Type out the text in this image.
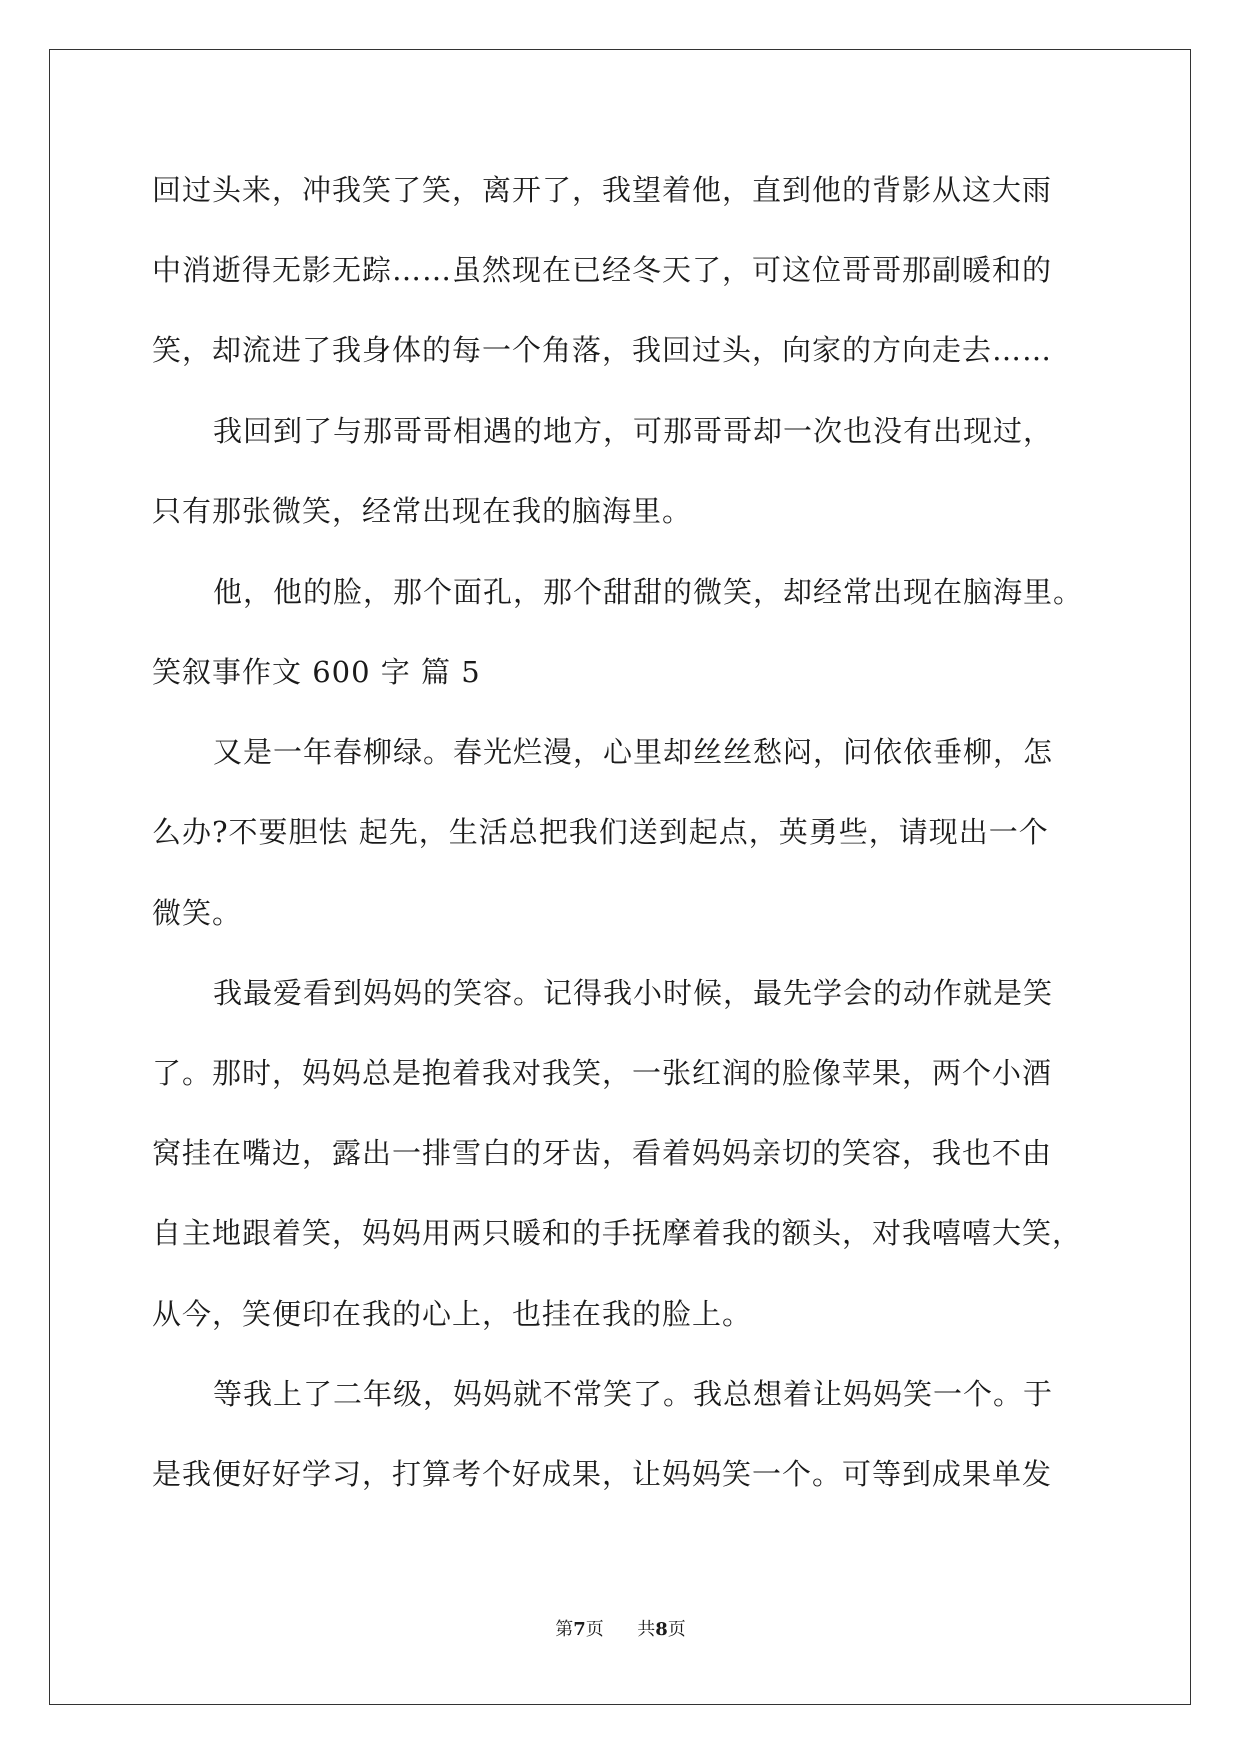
回过头来，冲我笑了笑，离开了，我望着他，直到他的背影从这大雨
中消逝得无影无踪……虽然现在已经冬天了，可这位哥哥那副暖和的
笑，却流进了我身体的每一个角落，我回过头，向家的方向走去……
我回到了与那哥哥相遇的地方，可那哥哥却一次也没有出现过，
只有那张微笑，经常出现在我的脑海里。
他，他的脸，那个面孔，那个甜甜的微笑，却经常出现在脑海里。
笑叙事作文 600 字 篇 5
又是一年春柳绿。春光烂漫，心里却丝丝愁闷，问依依垂柳，怎
么办?不要胆怯 起先，生活总把我们送到起点，英勇些，请现出一个
微笑。
我最爱看到妈妈的笑容。记得我小时候，最先学会的动作就是笑
了。那时，妈妈总是抱着我对我笑，一张红润的脸像苹果，两个小酒
窝挂在嘴边，露出一排雪白的牙齿，看着妈妈亲切的笑容，我也不由
自主地跟着笑，妈妈用两只暖和的手抚摩着我的额头，对我嘻嘻大笑，
从今，笑便印在我的心上，也挂在我的脸上。
等我上了二年级，妈妈就不常笑了。我总想着让妈妈笑一个。于
是我便好好学习，打算考个好成果，让妈妈笑一个。可等到成果单发
第7页 共8页
